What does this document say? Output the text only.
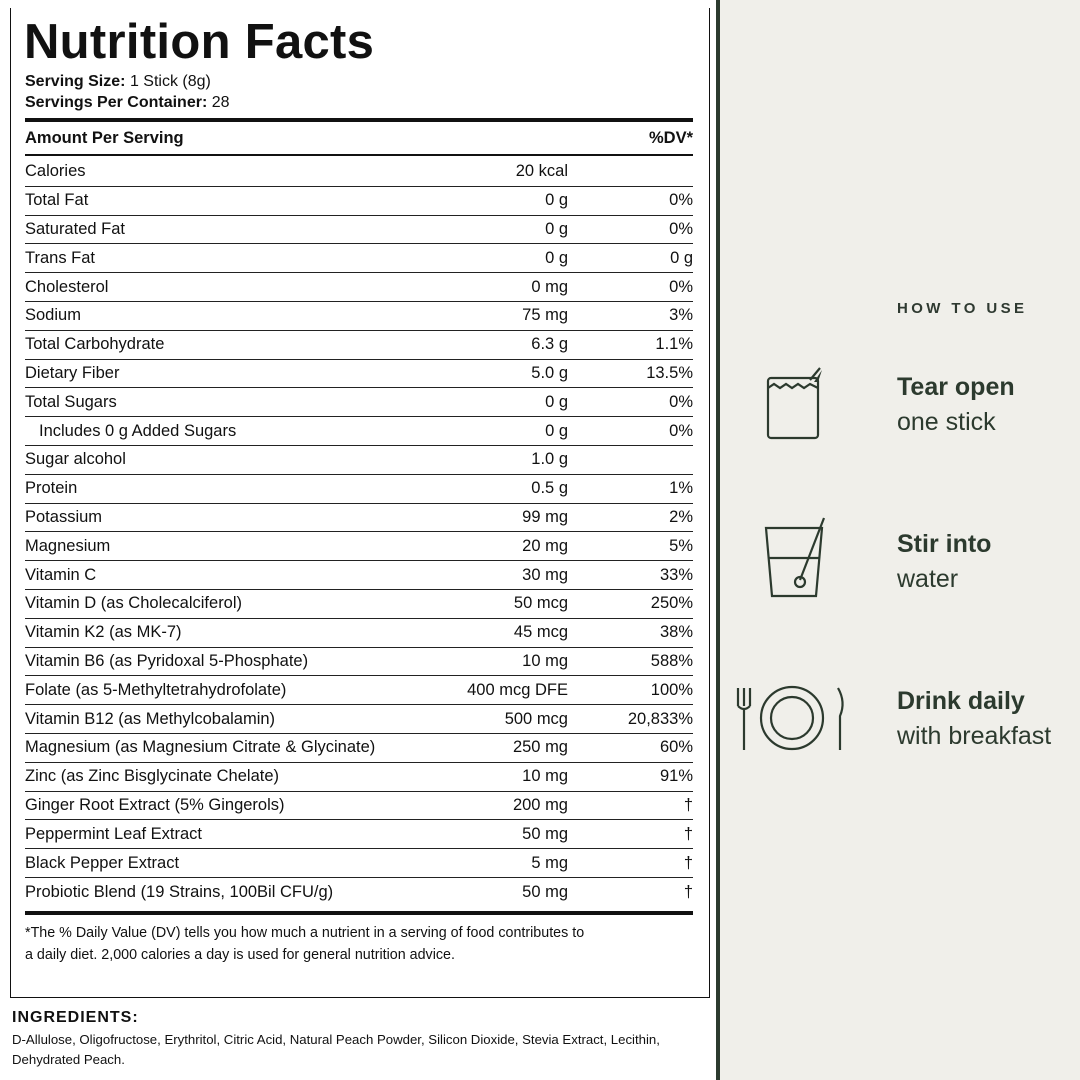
Nutrition Facts
Serving Size: 1 Stick (8g)
Servings Per Container: 28
Amount Per Serving	%DV*
Calories	20 kcal
Total Fat	0 g	0%
Saturated Fat	0 g	0%
Trans Fat	0 g	0 g
Cholesterol	0 mg	0%
Sodium	75 mg	3%
Total Carbohydrate	6.3 g	1.1%
Dietary Fiber	5.0 g	13.5%
Total Sugars	0 g	0%
Includes 0 g Added Sugars	0 g	0%
Sugar alcohol	1.0 g
Protein	0.5 g	1%
Potassium	99 mg	2%
Magnesium	20 mg	5%
Vitamin C	30 mg	33%
Vitamin D (as Cholecalciferol)	50 mcg	250%
Vitamin K2 (as MK-7)	45 mcg	38%
Vitamin B6 (as Pyridoxal 5-Phosphate)	10 mg	588%
Folate (as 5-Methyltetrahydrofolate)	400 mcg DFE	100%
Vitamin B12 (as Methylcobalamin)	500 mcg	20,833%
Magnesium (as Magnesium Citrate & Glycinate)	250 mg	60%
Zinc (as Zinc Bisglycinate Chelate)	10 mg	91%
Ginger Root Extract (5% Gingerols)	200 mg	†
Peppermint Leaf Extract	50 mg	†
Black Pepper Extract	5 mg	†
Probiotic Blend (19 Strains, 100Bil CFU/g)	50 mg	†
*The % Daily Value (DV) tells you how much a nutrient in a serving of food contributes to a daily diet. 2,000 calories a day is used for general nutrition advice.
INGREDIENTS:
D-Allulose, Oligofructose, Erythritol, Citric Acid, Natural Peach Powder, Silicon Dioxide, Stevia Extract, Lecithin, Dehydrated Peach.
HOW TO USE
Tear open
one stick
Stir into
water
Drink daily
with breakfast
